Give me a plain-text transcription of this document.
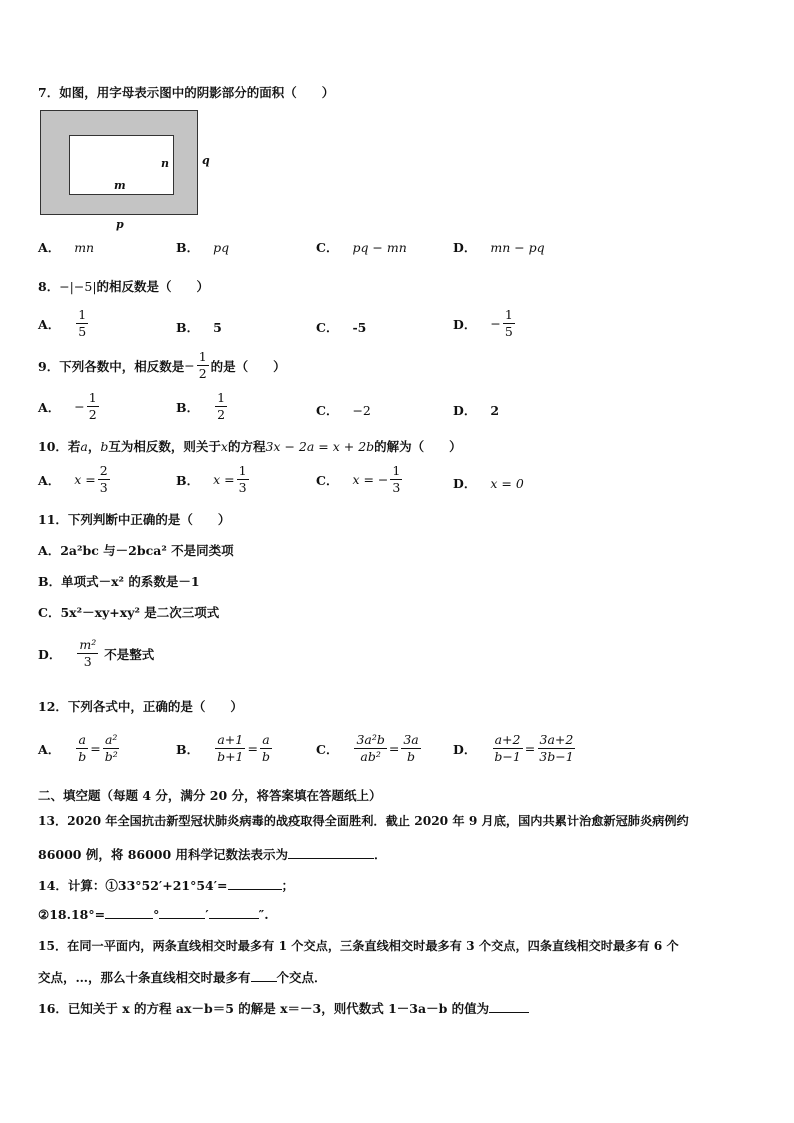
7．如图，用字母表示图中的阴影部分的面积（　　）
n
m
q
p
A． mn	B． pq	C． pq − mn	D． mn − pq
8．−|−5|的相反数是（　　）
A． $\frac{1}{5}$	B． 5	C． -5	D． − $\frac{1}{5}$
9．下列各数中，相反数是 − $\frac{1}{2}$ 的是（　　）
A． − $\frac{1}{2}$	B． $\frac{1}{2}$	C． −2	D． 2
10．若a，b互为相反数，则关于x的方程3x − 2a = x + 2b的解为（　　）
A． $x = \frac{2}{3}$	B． $x = \frac{1}{3}$	C． x = − $\frac{1}{3}$	D． x = 0
11．下列判断中正确的是（　　）
A．2a²bc 与－2bca² 不是同类项
B．单项式－x² 的系数是－1
C．5x²－xy+xy² 是二次三项式
D． $\frac{\text{m²}}{3}$ 不是整式
12．下列各式中，正确的是（　　）
A． $\frac{a}{b} = \frac{\text{a²}}{\text{b²}}$	B． $\frac{a+1}{b+1} = \frac{a}{b}$	C． $\frac{\text{3a²b}}{\text{ab²}} = \frac{3a}{b}$	D． $\frac{a+2}{b-1} = \frac{3a+2}{3b-1}$
二、填空题（每题 4 分，满分 20 分，将答案填在答题纸上）
13．2020 年全国抗击新型冠状肺炎病毒的战疫取得全面胜利．截止 2020 年 9 月底，国内共累计治愈新冠肺炎病例约
86000 例，将 86000 用科学记数法表示为	．
14．计算：①33°52′+21°54′=	；
②18.18°=	°	′	″.
15．在同一平面内，两条直线相交时最多有 1 个交点，三条直线相交时最多有 3 个交点，四条直线相交时最多有 6 个
交点，…，那么十条直线相交时最多有 个交点．
16．已知关于 x 的方程 ax－b＝5 的解是 x＝－3，则代数式 1－3a－b 的值为
